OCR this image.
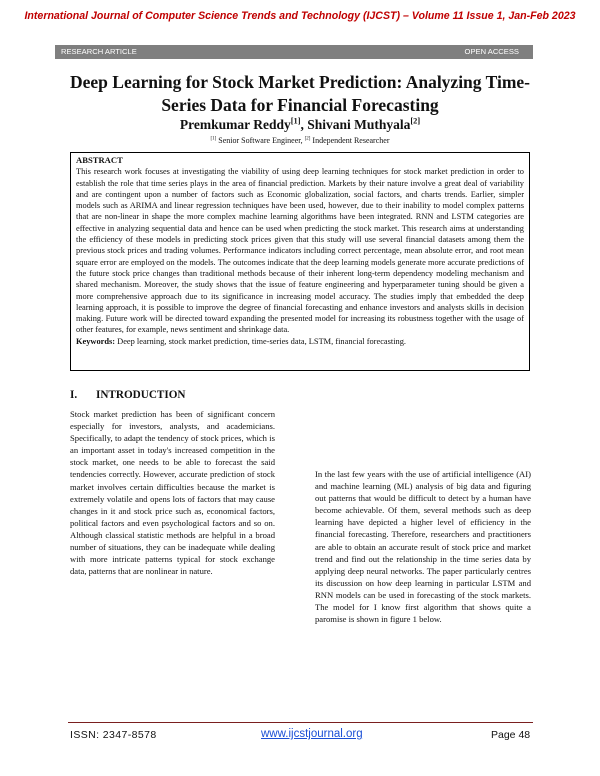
International Journal of Computer Science Trends and Technology (IJCST) – Volume 11 Issue 1, Jan-Feb 2023
RESEARCH ARTICLE	OPEN ACCESS
Deep Learning for Stock Market Prediction: Analyzing Time-Series Data for Financial Forecasting
Premkumar Reddy[1], Shivani Muthyala[2]
[1] Senior Software Engineer, [2] Independent Researcher
ABSTRACT
This research work focuses at investigating the viability of using deep learning techniques for stock market prediction in order to establish the role that time series plays in the area of financial prediction. Markets by their nature involve a great deal of variability and are contingent upon a number of factors such as Economic globalization, social factors, and charts trends. Earlier, simpler models such as ARIMA and linear regression techniques have been used, however, due to their inability to model complex patterns that are non-linear in shape the more complex machine learning algorithms have been integrated. RNN and LSTM categories are effective in analyzing sequential data and hence can be used when predicting the stock market. This research aims at understanding the efficiency of these models in predicting stock prices given that this study will use several financial datasets among them the previous stock prices and trading volumes. Performance indicators including correct percentage, mean absolute error, and root mean square error are employed on the models. The outcomes indicate that the deep learning models generate more accurate predictions of the future stock price changes than traditional methods because of their inherent long-term dependency modeling mechanism and shared mechanism. Moreover, the study shows that the issue of feature engineering and hyperparameter tuning should be given a more comprehensive approach due to its significance in increasing model accuracy. The studies imply that embedded the deep learning approach, it is possible to improve the degree of financial forecasting and enhance investors and analysts skills in decision making. Future work will be directed toward expanding the presented model for increasing its robustness together with the usage of other features, for example, news sentiment and shrinkage data.
Keywords: Deep learning, stock market prediction, time-series data, LSTM, financial forecasting.
I. INTRODUCTION
Stock market prediction has been of significant concern especially for investors, analysts, and academicians. Specifically, to adapt the tendency of stock prices, which is an important asset in today's increased competition in the stock market, one needs to be able to forecast the said tendencies correctly. However, accurate prediction of stock market involves certain difficulties because the market is extremely volatile and opens lots of factors that may cause changes in it and stock price such as, economical factors, political factors and even psychological factors and so on. Although classical statistic methods are helpful in a broad number of situations, they can be inadequate while dealing with more intricate patterns typical for stock exchange data, patterns that are nonlinear in nature.
In the last few years with the use of artificial intelligence (AI) and machine learning (ML) analysis of big data and figuring out patterns that would be difficult to detect by a human have become achievable. Of them, several methods such as deep learning have depicted a higher level of efficiency in the financial forecasting. Therefore, researchers and practitioners are able to obtain an accurate result of stock price and market trend and find out the relationship in the time series data by applying deep neural networks. The paper particularly centres its discussion on how deep learning in particular LSTM and RNN models can be used in forecasting of the stock markets. The model for I know first algorithm that shows quite a paromise is shown in figure 1 below.
ISSN: 2347-8578	www.ijcstjournal.org	Page 48
